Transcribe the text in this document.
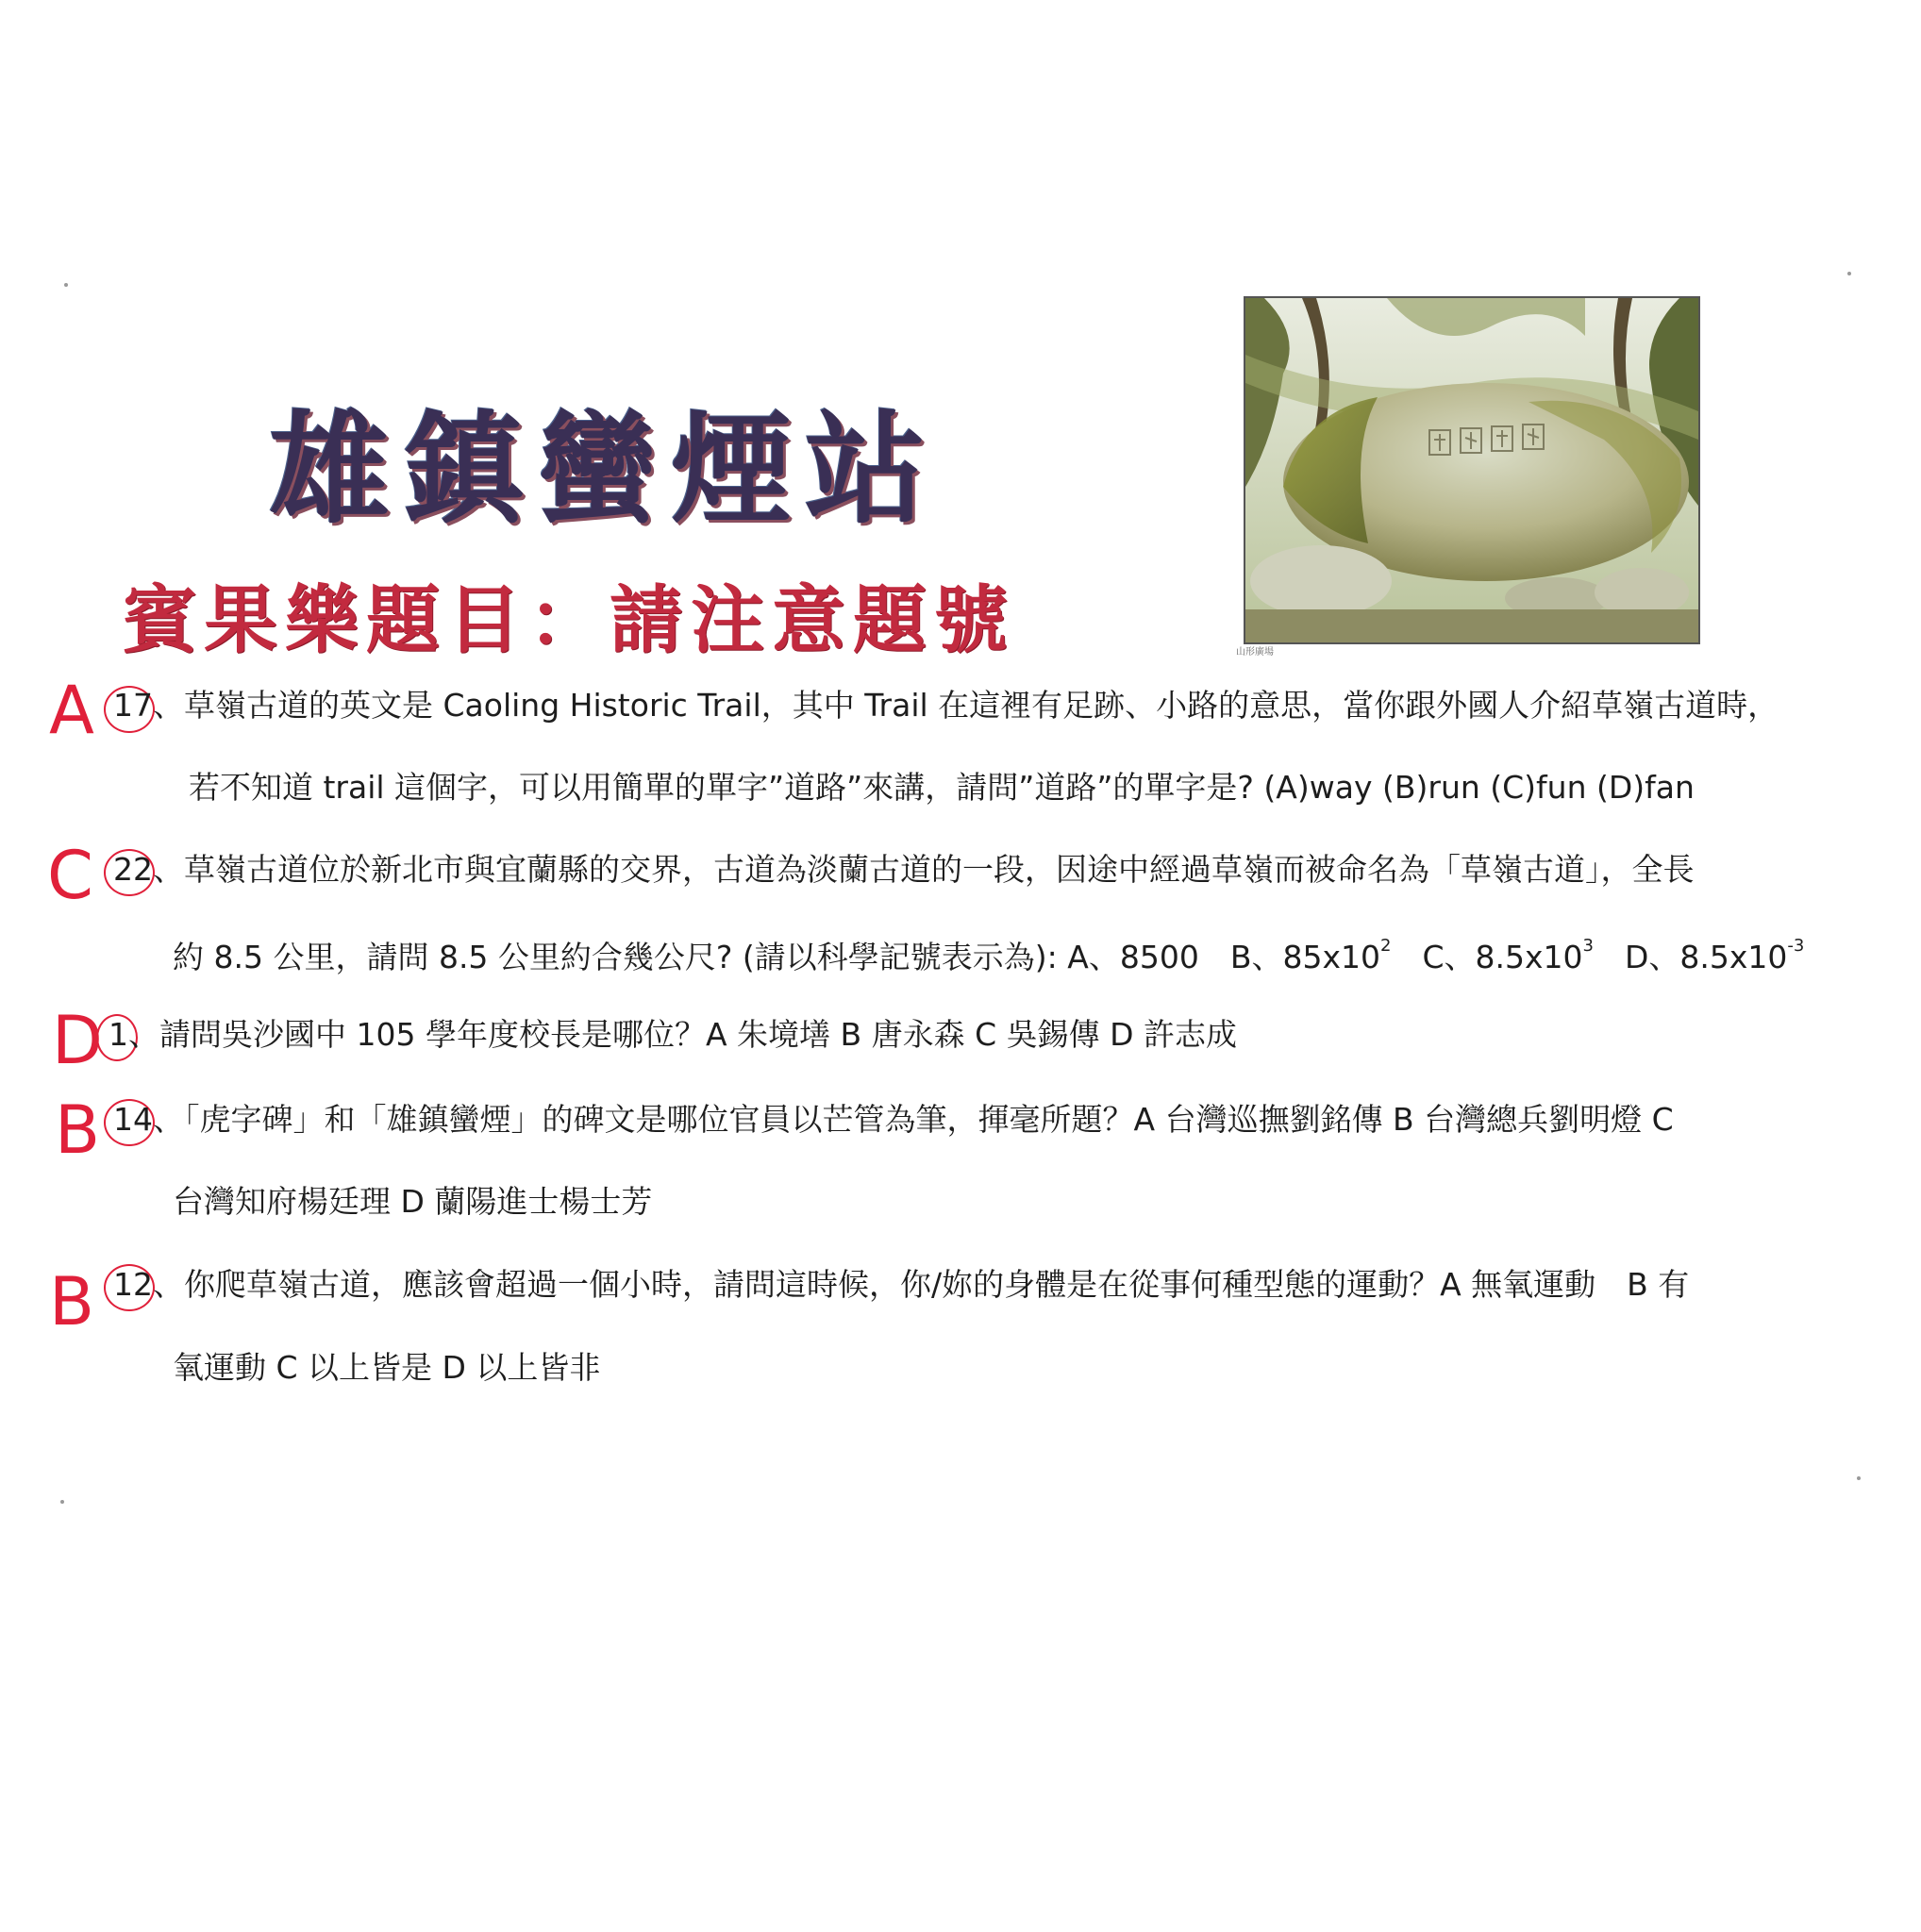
雄鎮蠻煙站
賓果樂題目：請注意題號	山形廣場
A 17、草嶺古道的英文是 Caoling Historic Trail，其中 Trail 在這裡有足跡、小路的意思，當你跟外國人介紹草嶺古道時，
若不知道 trail 這個字，可以用簡單的單字”道路”來講，請問”道路”的單字是? (A)way (B)run (C)fun (D)fan
C 22、草嶺古道位於新北市與宜蘭縣的交界，古道為淡蘭古道的一段，因途中經過草嶺而被命名為「草嶺古道」，全長
約 8.5 公里，請問 8.5 公里約合幾公尺? (請以科學記號表示為): A、8500　B、$85x10^2$　C、$8.5x10^3$　D、$8.5x10^{-3}$
D 1、請問吳沙國中 105 學年度校長是哪位？A 朱境墡 B 唐永森 C 吳錫傳 D 許志成
B 14、「虎字碑」和「雄鎮蠻煙」的碑文是哪位官員以芒管為筆，揮毫所題？A 台灣巡撫劉銘傳 B 台灣總兵劉明燈 C
台灣知府楊廷理 D 蘭陽進士楊士芳
B 12、你爬草嶺古道，應該會超過一個小時，請問這時候，你/妳的身體是在從事何種型態的運動？A 無氧運動　B 有
氧運動 C 以上皆是 D 以上皆非
